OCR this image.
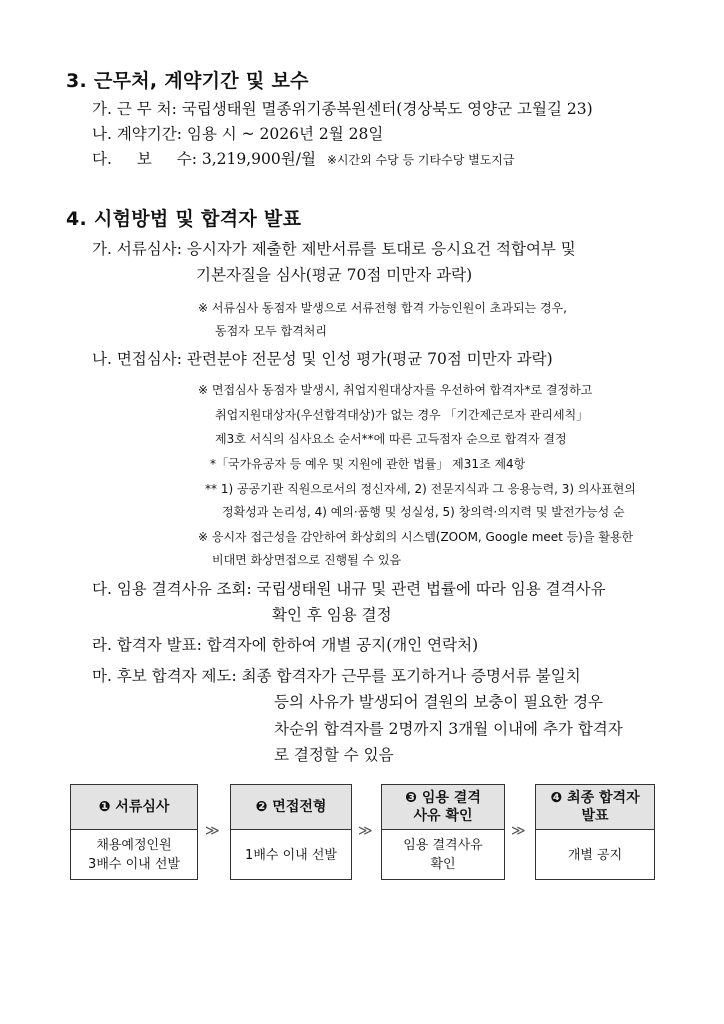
3. 근무처, 계약기간 및 보수
가. 근 무 처: 국립생태원 멸종위기종복원센터(경상북도 영양군 고월길 23)
나. 계약기간: 임용 시 ~ 2026년 2월 28일
다. 보 수: 3,219,900원/월 ※시간외 수당 등 기타수당 별도지급
4. 시험방법 및 합격자 발표
가. 서류심사: 응시자가 제출한 제반서류를 토대로 응시요건 적합여부 및
기본자질을 심사(평균 70점 미만자 과락)
※ 서류심사 동점자 발생으로 서류전형 합격 가능인원이 초과되는 경우,
동점자 모두 합격처리
나. 면접심사: 관련분야 전문성 및 인성 평가(평균 70점 미만자 과락)
※ 면접심사 동점자 발생시, 취업지원대상자를 우선하여 합격자*로 결정하고
취업지원대상자(우선합격대상)가 없는 경우 「기간제근로자 관리세칙」
제3호 서식의 심사요소 순서**에 따른 고득점자 순으로 합격자 결정
*「국가유공자 등 예우 및 지원에 관한 법률」 제31조 제4항
** 1) 공공기관 직원으로서의 정신자세, 2) 전문지식과 그 응용능력, 3) 의사표현의
정확성과 논리성, 4) 예의·품행 및 성실성, 5) 창의력·의지력 및 발전가능성 순
※ 응시자 접근성을 감안하여 화상회의 시스템(ZOOM, Google meet 등)을 활용한
비대면 화상면접으로 진행될 수 있음
다. 임용 결격사유 조회: 국립생태원 내규 및 관련 법률에 따라 임용 결격사유
확인 후 임용 결정
라. 합격자 발표: 합격자에 한하여 개별 공지(개인 연락처)
마. 후보 합격자 제도: 최종 합격자가 근무를 포기하거나 증명서류 불일치
등의 사유가 발생되어 결원의 보충이 필요한 경우
차순위 합격자를 2명까지 3개월 이내에 추가 합격자
로 결정할 수 있음
❶ 서류심사
채용예정인원
3배수 이내 선발
≫
❷ 면접전형
1배수 이내 선발
≫
❸ 임용 결격사유 확인
임용 결격사유
확인
≫
❹ 최종 합격자 발표
개별 공지
